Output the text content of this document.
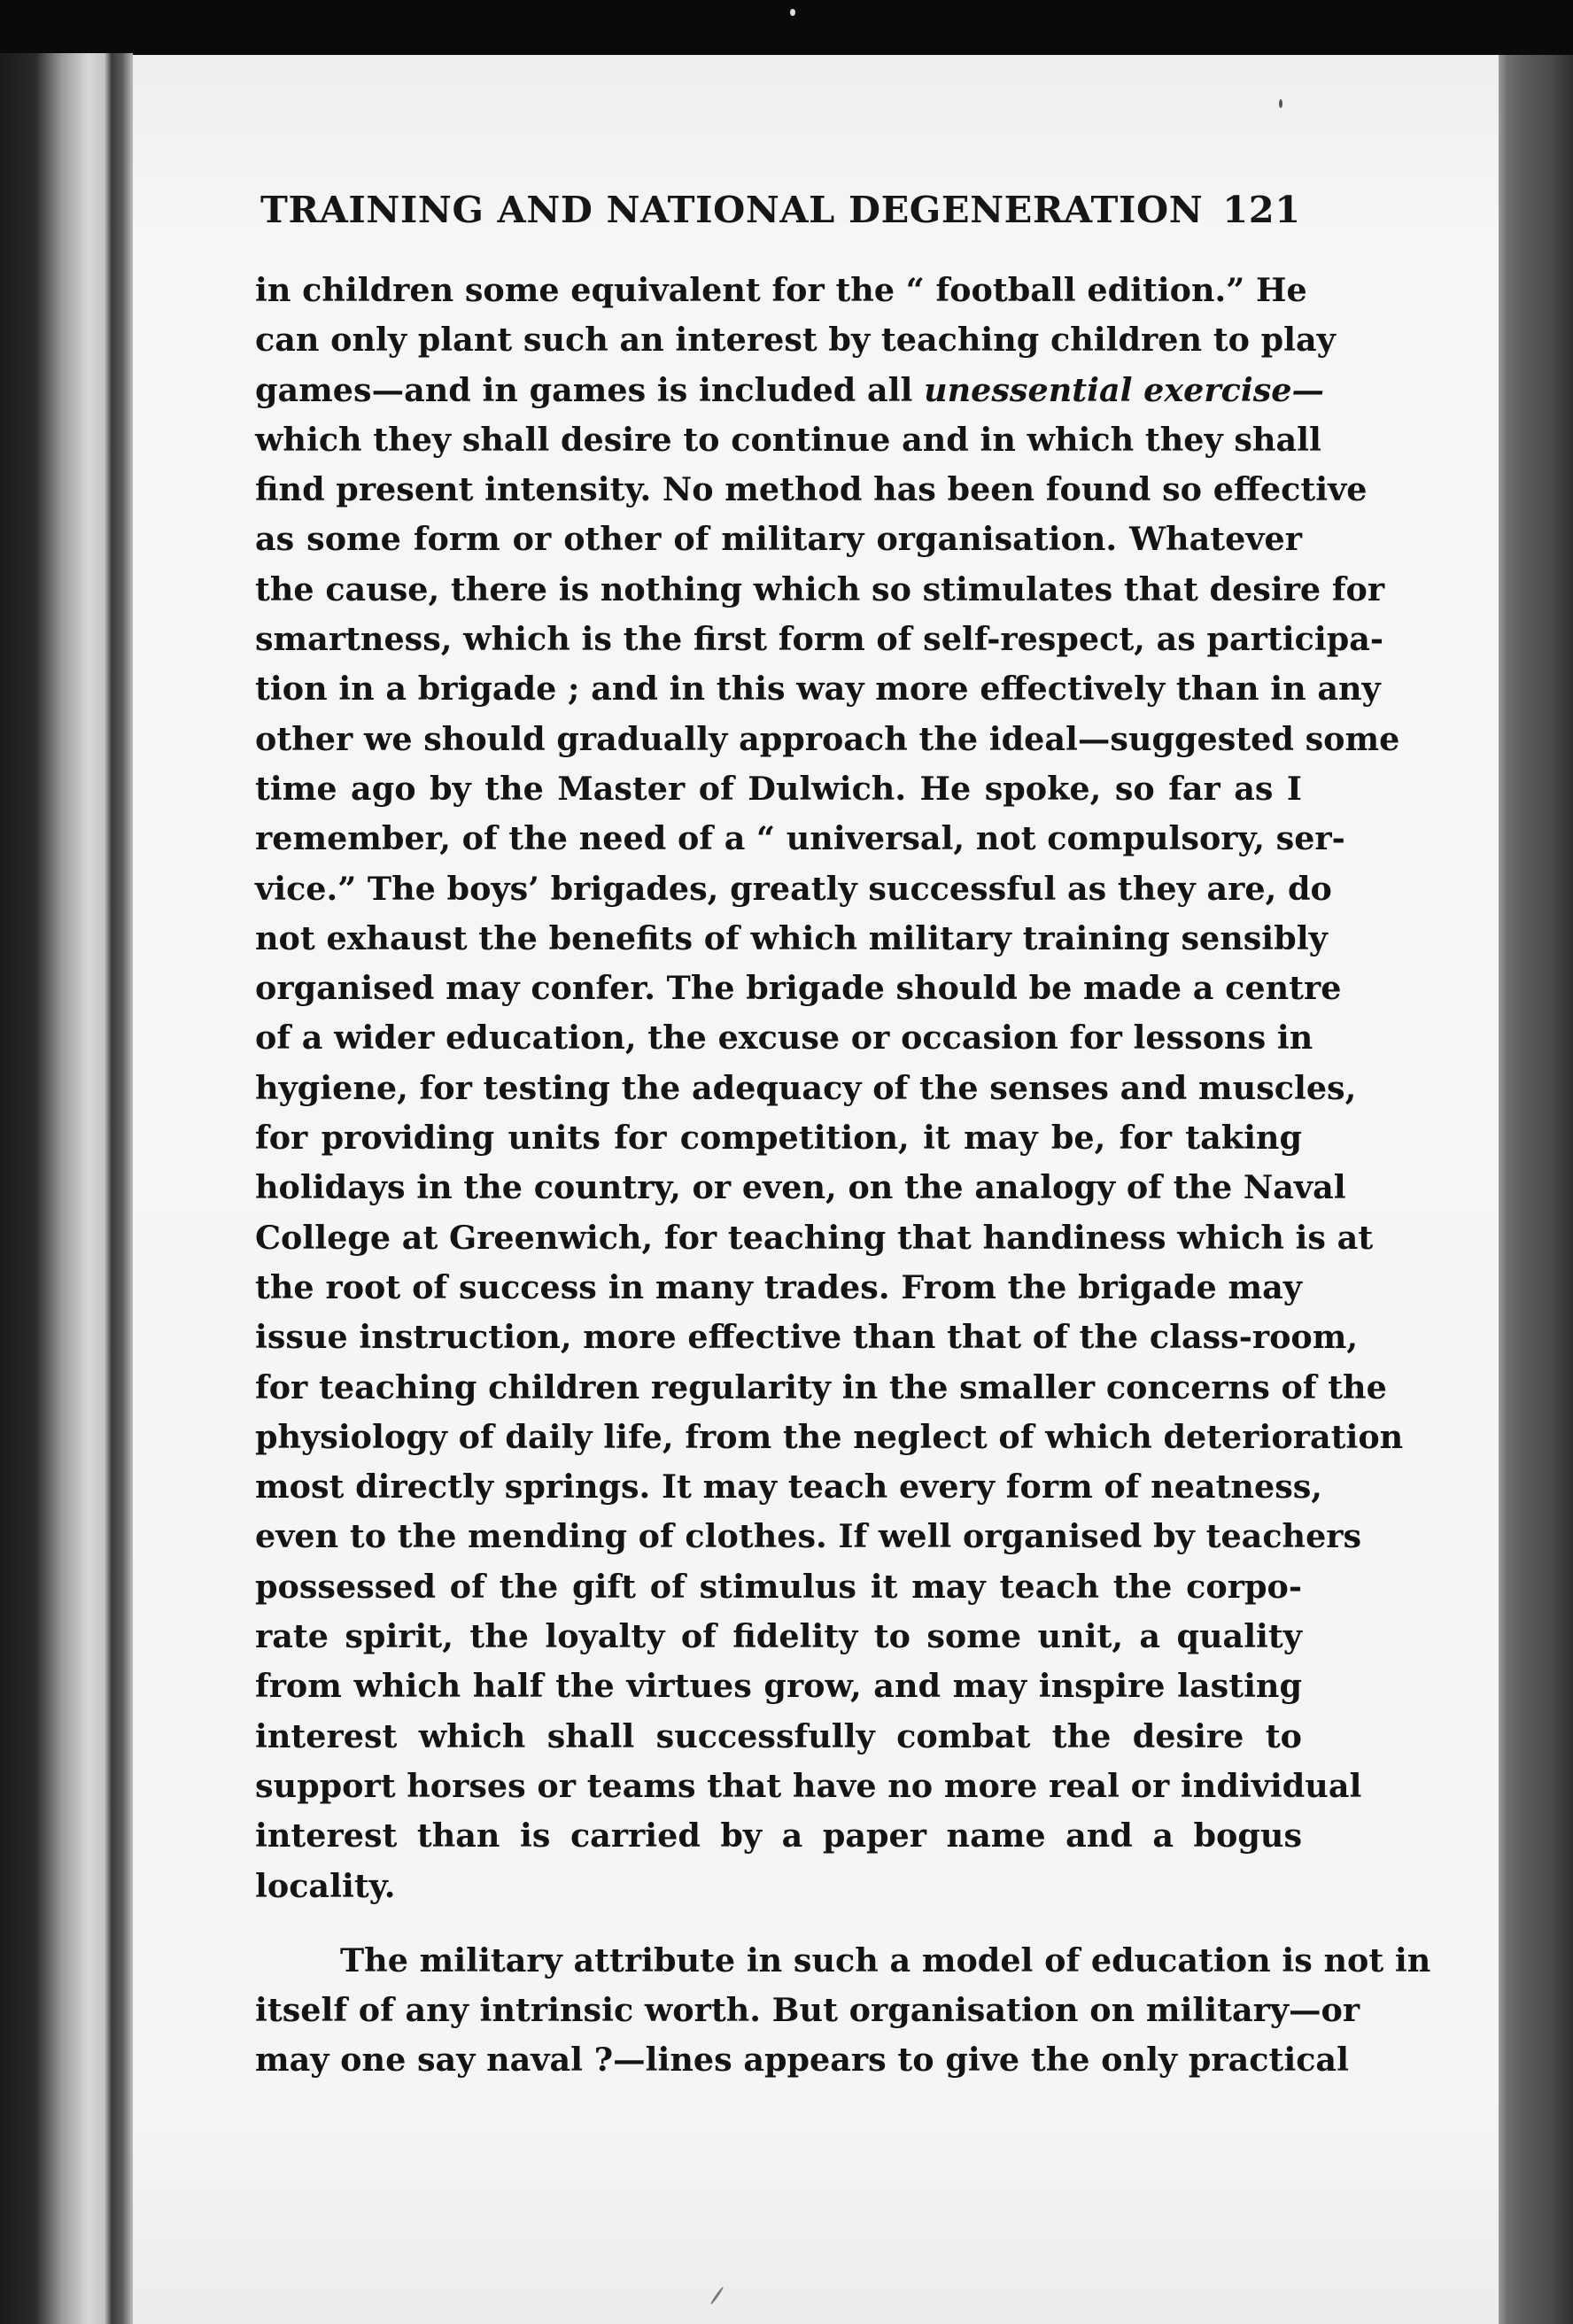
TRAINING AND NATIONAL DEGENERATION 121
in children some equivalent for the “ football edition.” He
can only plant such an interest by teaching children to play
games—and in games is included all unessential exercise—
which they shall desire to continue and in which they shall
find present intensity. No method has been found so effective
as some form or other of military organisation. Whatever
the cause, there is nothing which so stimulates that desire for
smartness, which is the first form of self-respect, as participa-
tion in a brigade ; and in this way more effectively than in any
other we should gradually approach the ideal—suggested some
time ago by the Master of Dulwich. He spoke, so far as I
remember, of the need of a “ universal, not compulsory, ser-
vice.” The boys’ brigades, greatly successful as they are, do
not exhaust the benefits of which military training sensibly
organised may confer. The brigade should be made a centre
of a wider education, the excuse or occasion for lessons in
hygiene, for testing the adequacy of the senses and muscles,
for providing units for competition, it may be, for taking
holidays in the country, or even, on the analogy of the Naval
College at Greenwich, for teaching that handiness which is at
the root of success in many trades. From the brigade may
issue instruction, more effective than that of the class-room,
for teaching children regularity in the smaller concerns of the
physiology of daily life, from the neglect of which deterioration
most directly springs. It may teach every form of neatness,
even to the mending of clothes. If well organised by teachers
possessed of the gift of stimulus it may teach the corpo-
rate spirit, the loyalty of fidelity to some unit, a quality
from which half the virtues grow, and may inspire lasting
interest which shall successfully combat the desire to
support horses or teams that have no more real or individual
interest than is carried by a paper name and a bogus
locality.
The military attribute in such a model of education is not in
itself of any intrinsic worth. But organisation on military—or
may one say naval ?—lines appears to give the only practical
